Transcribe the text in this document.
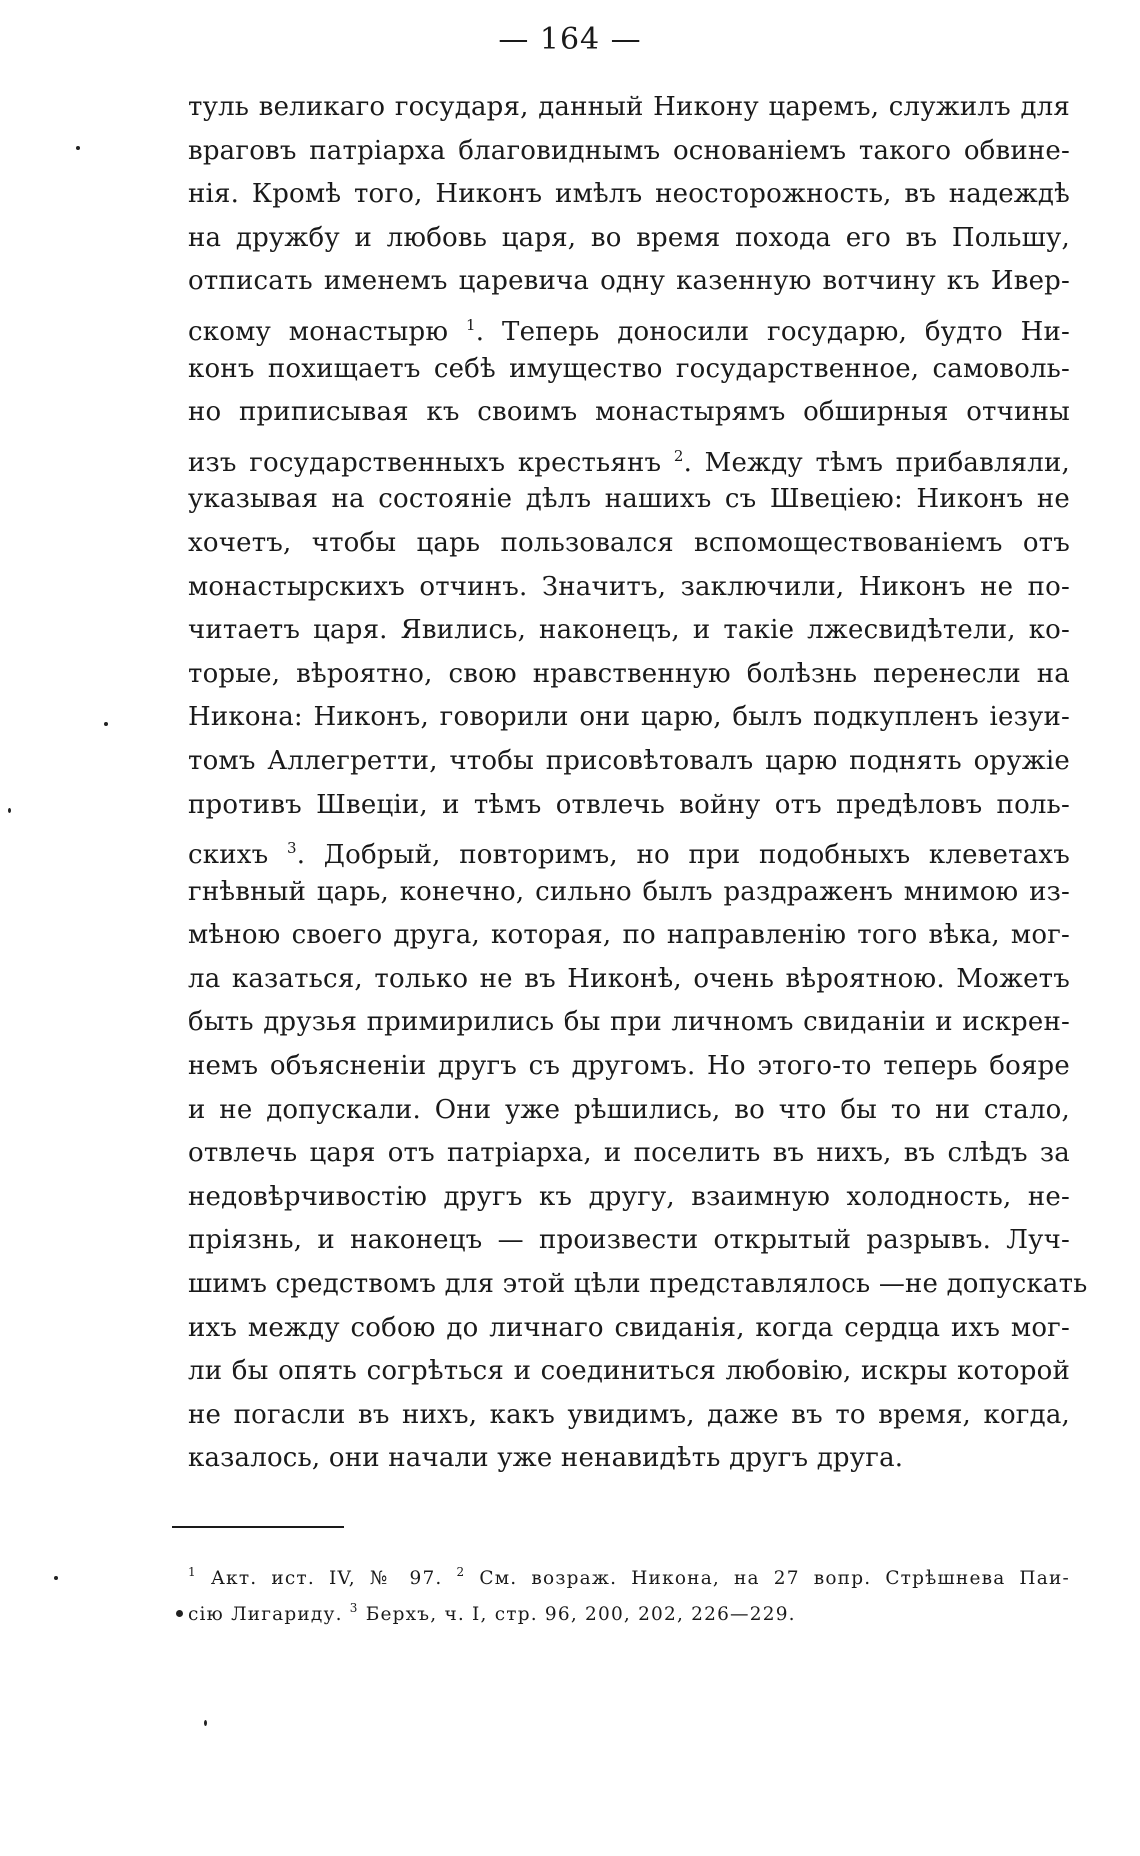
— 164 —
туль великаго государя, данный Никону царемъ, служилъ для
враговъ патріарха благовиднымъ основаніемъ такого обвине-
нія. Кромѣ того, Никонъ имѣлъ неосторожность, въ надеждѣ
на дружбу и любовь царя, во время похода его въ Польшу,
отписать именемъ царевича одну казенную вотчину къ Ивер-
скому монастырю $^1$. Теперь доносили государю, будто Ни-
конъ похищаетъ себѣ имущество государственное, самоволь-
но приписывая къ своимъ монастырямъ обширныя отчины
изъ государственныхъ крестьянъ $^2$. Между тѣмъ прибавляли,
указывая на состояніе дѣлъ нашихъ съ Швеціею: Никонъ не
хочетъ, чтобы царь пользовался вспомоществованіемъ отъ
монастырскихъ отчинъ. Значитъ, заключили, Никонъ не по-
читаетъ царя. Явились, наконецъ, и такіе лжесвидѣтели, ко-
торые, вѣроятно, свою нравственную болѣзнь перенесли на
Никона: Никонъ, говорили они царю, былъ подкупленъ іезуи-
томъ Аллегретти, чтобы присовѣтовалъ царю поднять оружіе
противъ Швеціи, и тѣмъ отвлечь войну отъ предѣловъ поль-
скихъ $^3$. Добрый, повторимъ, но при подобныхъ клеветахъ
гнѣвный царь, конечно, сильно былъ раздраженъ мнимою из-
мѣною своего друга, которая, по направленію того вѣка, мог-
ла казаться, только не въ Никонѣ, очень вѣроятною. Можетъ
быть друзья примирились бы при личномъ свиданіи и искрен-
немъ объясненіи другъ съ другомъ. Но этого-то теперь бояре
и не допускали. Они уже рѣшились, во что бы то ни стало,
отвлечь царя отъ патріарха, и поселить въ нихъ, въ слѣдъ за
недовѣрчивостію другъ къ другу, взаимную холодность, не-
пріязнь, и наконецъ — произвести открытый разрывъ. Луч-
шимъ средствомъ для этой цѣли представлялось —не допускать
ихъ между собою до личнаго свиданія, когда сердца ихъ мог-
ли бы опять согрѣться и соединиться любовію, искры которой
не погасли въ нихъ, какъ увидимъ, даже въ то время, когда,
казалось, они начали уже ненавидѣть другъ друга.
$^1$ Акт. ист. IV, № 97. $^2$ См. возраж. Никона, на 27 вопр. Стрѣшнева Паи-
сію Лигариду. $^3$ Берхъ, ч. I, стр. 96, 200, 202, 226—229.
